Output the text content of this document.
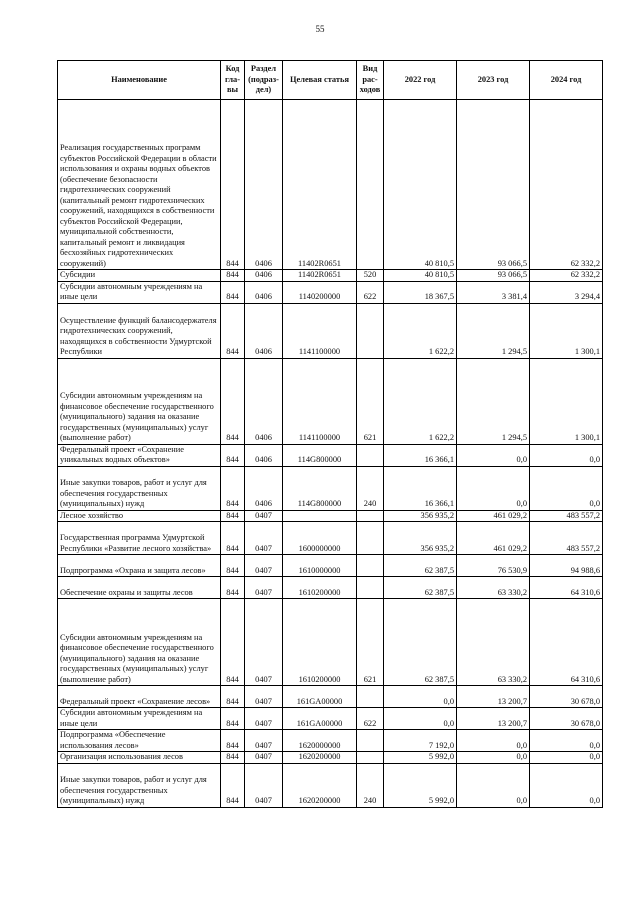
55
Наименование	Код гла-вы	Раздел (подраз-дел)	Целевая статья	Вид рас-ходов	2022 год	2023 год	2024 год
Реализация государственных программ субъектов Российской Федерации в области использования и охраны водных объектов (обеспечение безопасности гидротехнических сооружений (капитальный ремонт гидротехнических сооружений, находящихся в собственности субъектов Российской Федерации, муниципальной собственности, капитальный ремонт и ликвидация бесхозяйных гидротехнических сооружений)	844	0406	11402R0651		40 810,5	93 066,5	62 332,2
Субсидии	844	0406	11402R0651	520	40 810,5	93 066,5	62 332,2
Субсидии автономным учреждениям на иные цели	844	0406	1140200000	622	18 367,5	3 381,4	3 294,4
Осуществление функций балансодержателя гидротехнических сооружений, находящихся в собственности Удмуртской Республики	844	0406	1141100000		1 622,2	1 294,5	1 300,1
Субсидии автономным учреждениям на финансовое обеспечение государственного (муниципального) задания на оказание государственных (муниципальных) услуг (выполнение работ)	844	0406	1141100000	621	1 622,2	1 294,5	1 300,1
Федеральный проект «Сохранение уникальных водных объектов»	844	0406	114G800000		16 366,1	0,0	0,0
Иные закупки товаров, работ и услуг для обеспечения государственных (муниципальных) нужд	844	0406	114G800000	240	16 366,1	0,0	0,0
Лесное хозяйство	844	0407			356 935,2	461 029,2	483 557,2
Государственная программа Удмуртской Республики «Развитие лесного хозяйства»	844	0407	1600000000		356 935,2	461 029,2	483 557,2
Подпрограмма «Охрана и защита лесов»	844	0407	1610000000		62 387,5	76 530,9	94 988,6
Обеспечение охраны и защиты лесов	844	0407	1610200000		62 387,5	63 330,2	64 310,6
Субсидии автономным учреждениям на финансовое обеспечение государственного (муниципального) задания на оказание государственных (муниципальных) услуг (выполнение работ)	844	0407	1610200000	621	62 387,5	63 330,2	64 310,6
Федеральный проект «Сохранение лесов»	844	0407	161GA00000		0,0	13 200,7	30 678,0
Субсидии автономным учреждениям на иные цели	844	0407	161GA00000	622	0,0	13 200,7	30 678,0
Подпрограмма «Обеспечение использования лесов»	844	0407	1620000000		7 192,0	0,0	0,0
Организация использования лесов	844	0407	1620200000		5 992,0	0,0	0,0
Иные закупки товаров, работ и услуг для обеспечения государственных (муниципальных) нужд	844	0407	1620200000	240	5 992,0	0,0	0,0
